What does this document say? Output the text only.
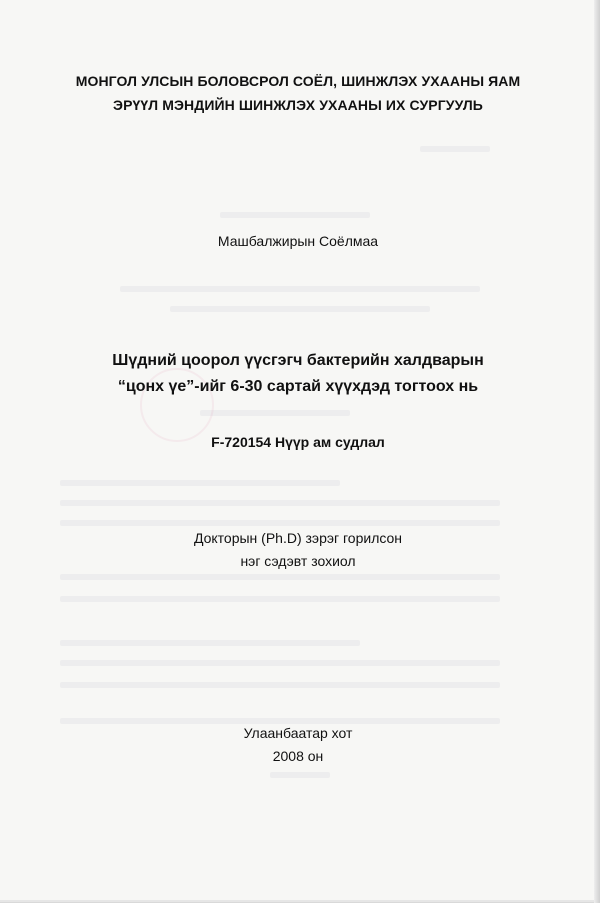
МОНГОЛ УЛСЫН БОЛОВСРОЛ СОЁЛ, ШИНЖЛЭХ УХААНЫ ЯАМ
ЭРҮҮЛ МЭНДИЙН ШИНЖЛЭХ УХААНЫ ИХ СУРГУУЛЬ
Машбалжирын Соёлмаа
Шүдний цоорол үүсгэгч бактерийн халдварын
“цонх үе”-ийг 6-30 сартай хүүхдэд тогтоох нь
F-720154 Нүүр ам судлал
Докторын (Ph.D) зэрэг горилсон
нэг сэдэвт зохиол
Улаанбаатар хот
2008 он
